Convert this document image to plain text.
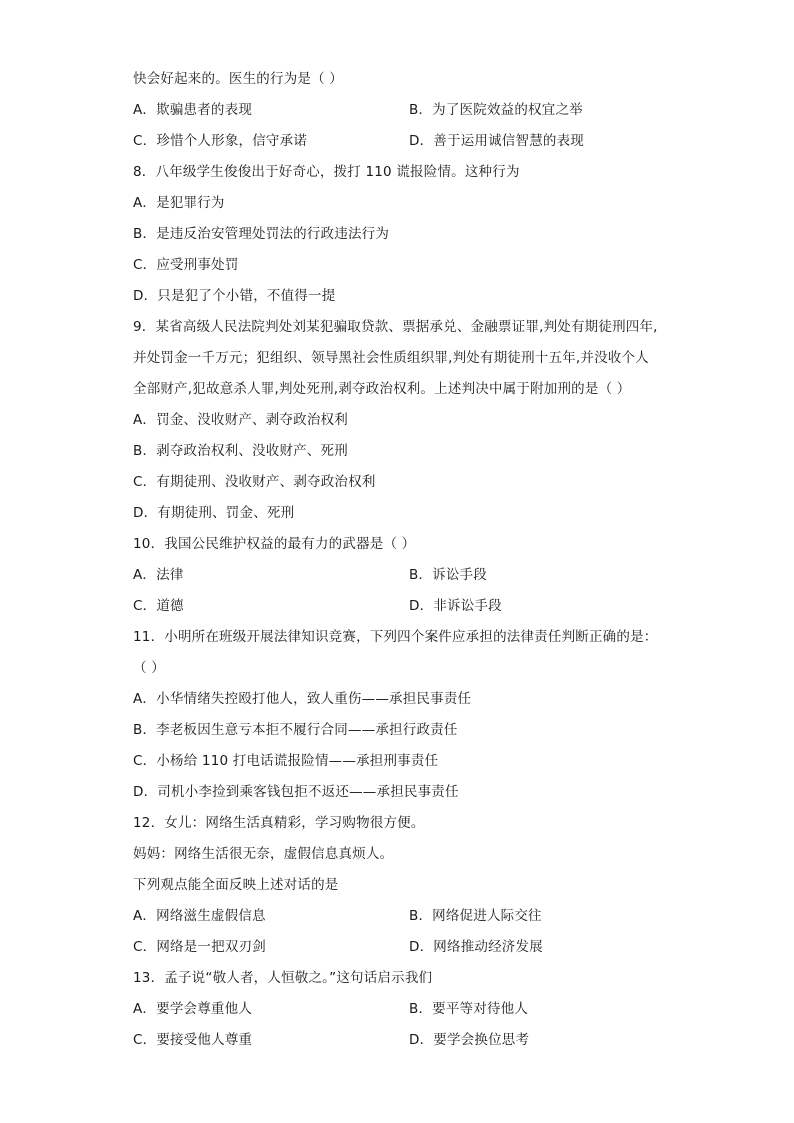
快会好起来的。医生的行为是（ ）
A．欺骗患者的表现	B．为了医院效益的权宜之举
C．珍惜个人形象，信守承诺	D．善于运用诚信智慧的表现
8．八年级学生俊俊出于好奇心，拨打 110 谎报险情。这种行为
A．是犯罪行为
B．是违反治安管理处罚法的行政违法行为
C．应受刑事处罚
D．只是犯了个小错，不值得一提
9．某省高级人民法院判处刘某犯骗取贷款、票据承兑、金融票证罪,判处有期徒刑四年,
并处罚金一千万元；犯组织、领导黑社会性质组织罪,判处有期徒刑十五年,并没收个人
全部财产,犯故意杀人罪,判处死刑,剥夺政治权利。上述判决中属于附加刑的是（ ）
A．罚金、没收财产、剥夺政治权利
B．剥夺政治权利、没收财产、死刑
C．有期徒刑、没收财产、剥夺政治权利
D．有期徒刑、罚金、死刑
10．我国公民维护权益的最有力的武器是（ ）
A．法律	B．诉讼手段
C．道德	D．非诉讼手段
11．小明所在班级开展法律知识竞赛，下列四个案件应承担的法律责任判断正确的是：
（ ）
A．小华情绪失控殴打他人，致人重伤——承担民事责任
B．李老板因生意亏本拒不履行合同——承担行政责任
C．小杨给 110 打电话谎报险情——承担刑事责任
D．司机小李捡到乘客钱包拒不返还——承担民事责任
12．女儿：网络生活真精彩，学习购物很方便。
妈妈：网络生活很无奈，虚假信息真烦人。
下列观点能全面反映上述对话的是
A．网络滋生虚假信息	B．网络促进人际交往
C．网络是一把双刃剑	D．网络推动经济发展
13．孟子说“敬人者，人恒敬之。”这句话启示我们
A．要学会尊重他人	B．要平等对待他人
C．要接受他人尊重	D．要学会换位思考
